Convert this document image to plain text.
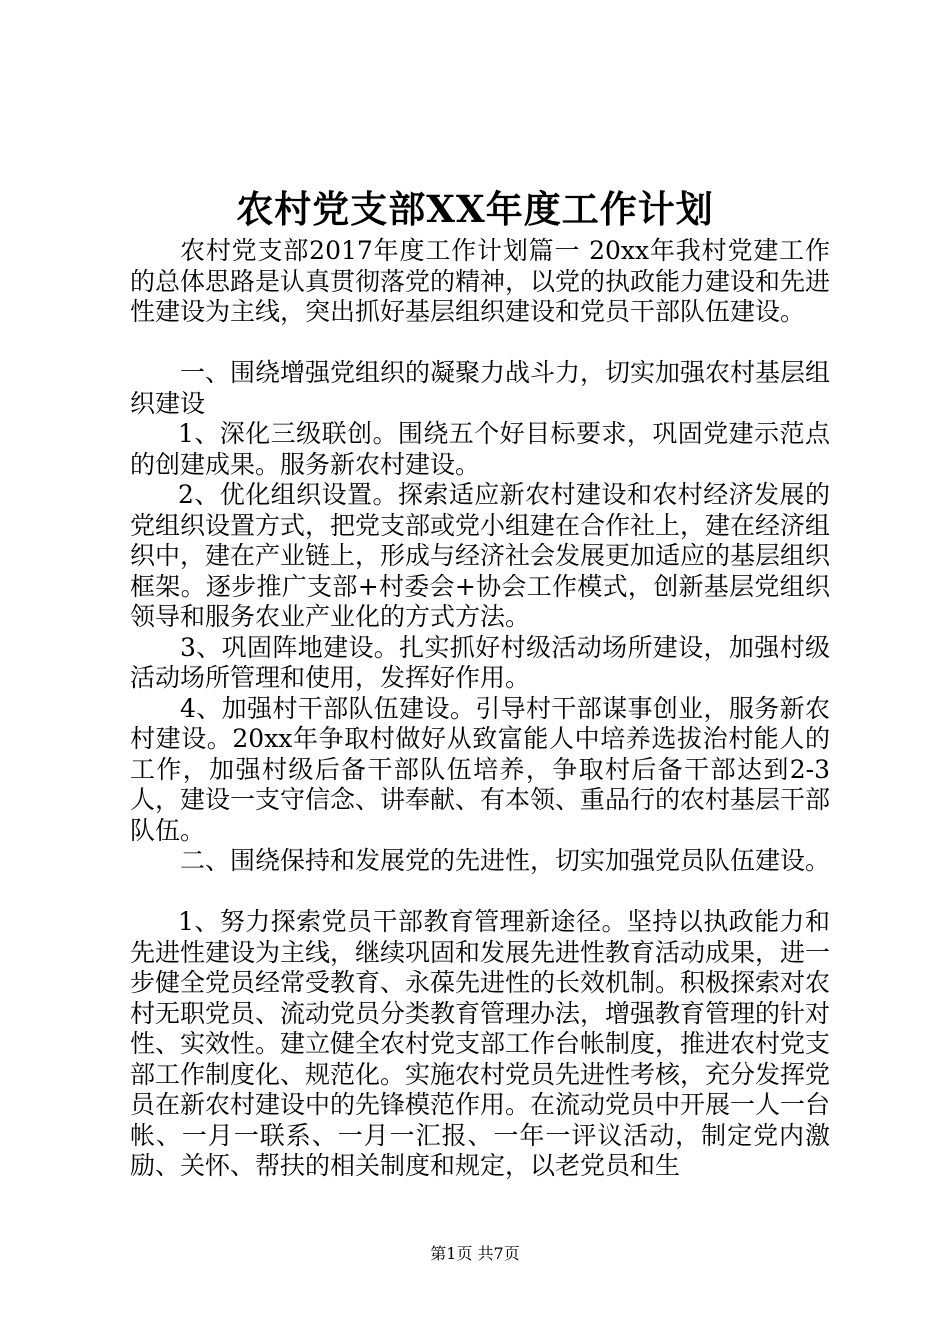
农村党支部XX年度工作计划

农村党支部2017年度工作计划篇一 20xx年我村党建工作的总体思路是认真贯彻落党的精神，以党的执政能力建设和先进性建设为主线，突出抓好基层组织建设和党员干部队伍建设。

一、围绕增强党组织的凝聚力战斗力，切实加强农村基层组织建设

1、深化三级联创。围绕五个好目标要求，巩固党建示范点的创建成果。服务新农村建设。

2、优化组织设置。探索适应新农村建设和农村经济发展的党组织设置方式，把党支部或党小组建在合作社上，建在经济组织中，建在产业链上，形成与经济社会发展更加适应的基层组织框架。逐步推广支部+村委会+协会工作模式，创新基层党组织领导和服务农业产业化的方式方法。

3、巩固阵地建设。扎实抓好村级活动场所建设，加强村级活动场所管理和使用，发挥好作用。

4、加强村干部队伍建设。引导村干部谋事创业，服务新农村建设。20xx年争取村做好从致富能人中培养选拔治村能人的工作，加强村级后备干部队伍培养，争取村后备干部达到2-3人，建设一支守信念、讲奉献、有本领、重品行的农村基层干部队伍。

二、围绕保持和发展党的先进性，切实加强党员队伍建设。

1、努力探索党员干部教育管理新途径。坚持以执政能力和先进性建设为主线，继续巩固和发展先进性教育活动成果，进一步健全党员经常受教育、永葆先进性的长效机制。积极探索对农村无职党员、流动党员分类教育管理办法，增强教育管理的针对性、实效性。建立健全农村党支部工作台帐制度，推进农村党支部工作制度化、规范化。实施农村党员先进性考核，充分发挥党员在新农村建设中的先锋模范作用。在流动党员中开展一人一台帐、一月一联系、一月一汇报、一年一评议活动，制定党内激励、关怀、帮扶的相关制度和规定，以老党员和生

第1页 共7页
